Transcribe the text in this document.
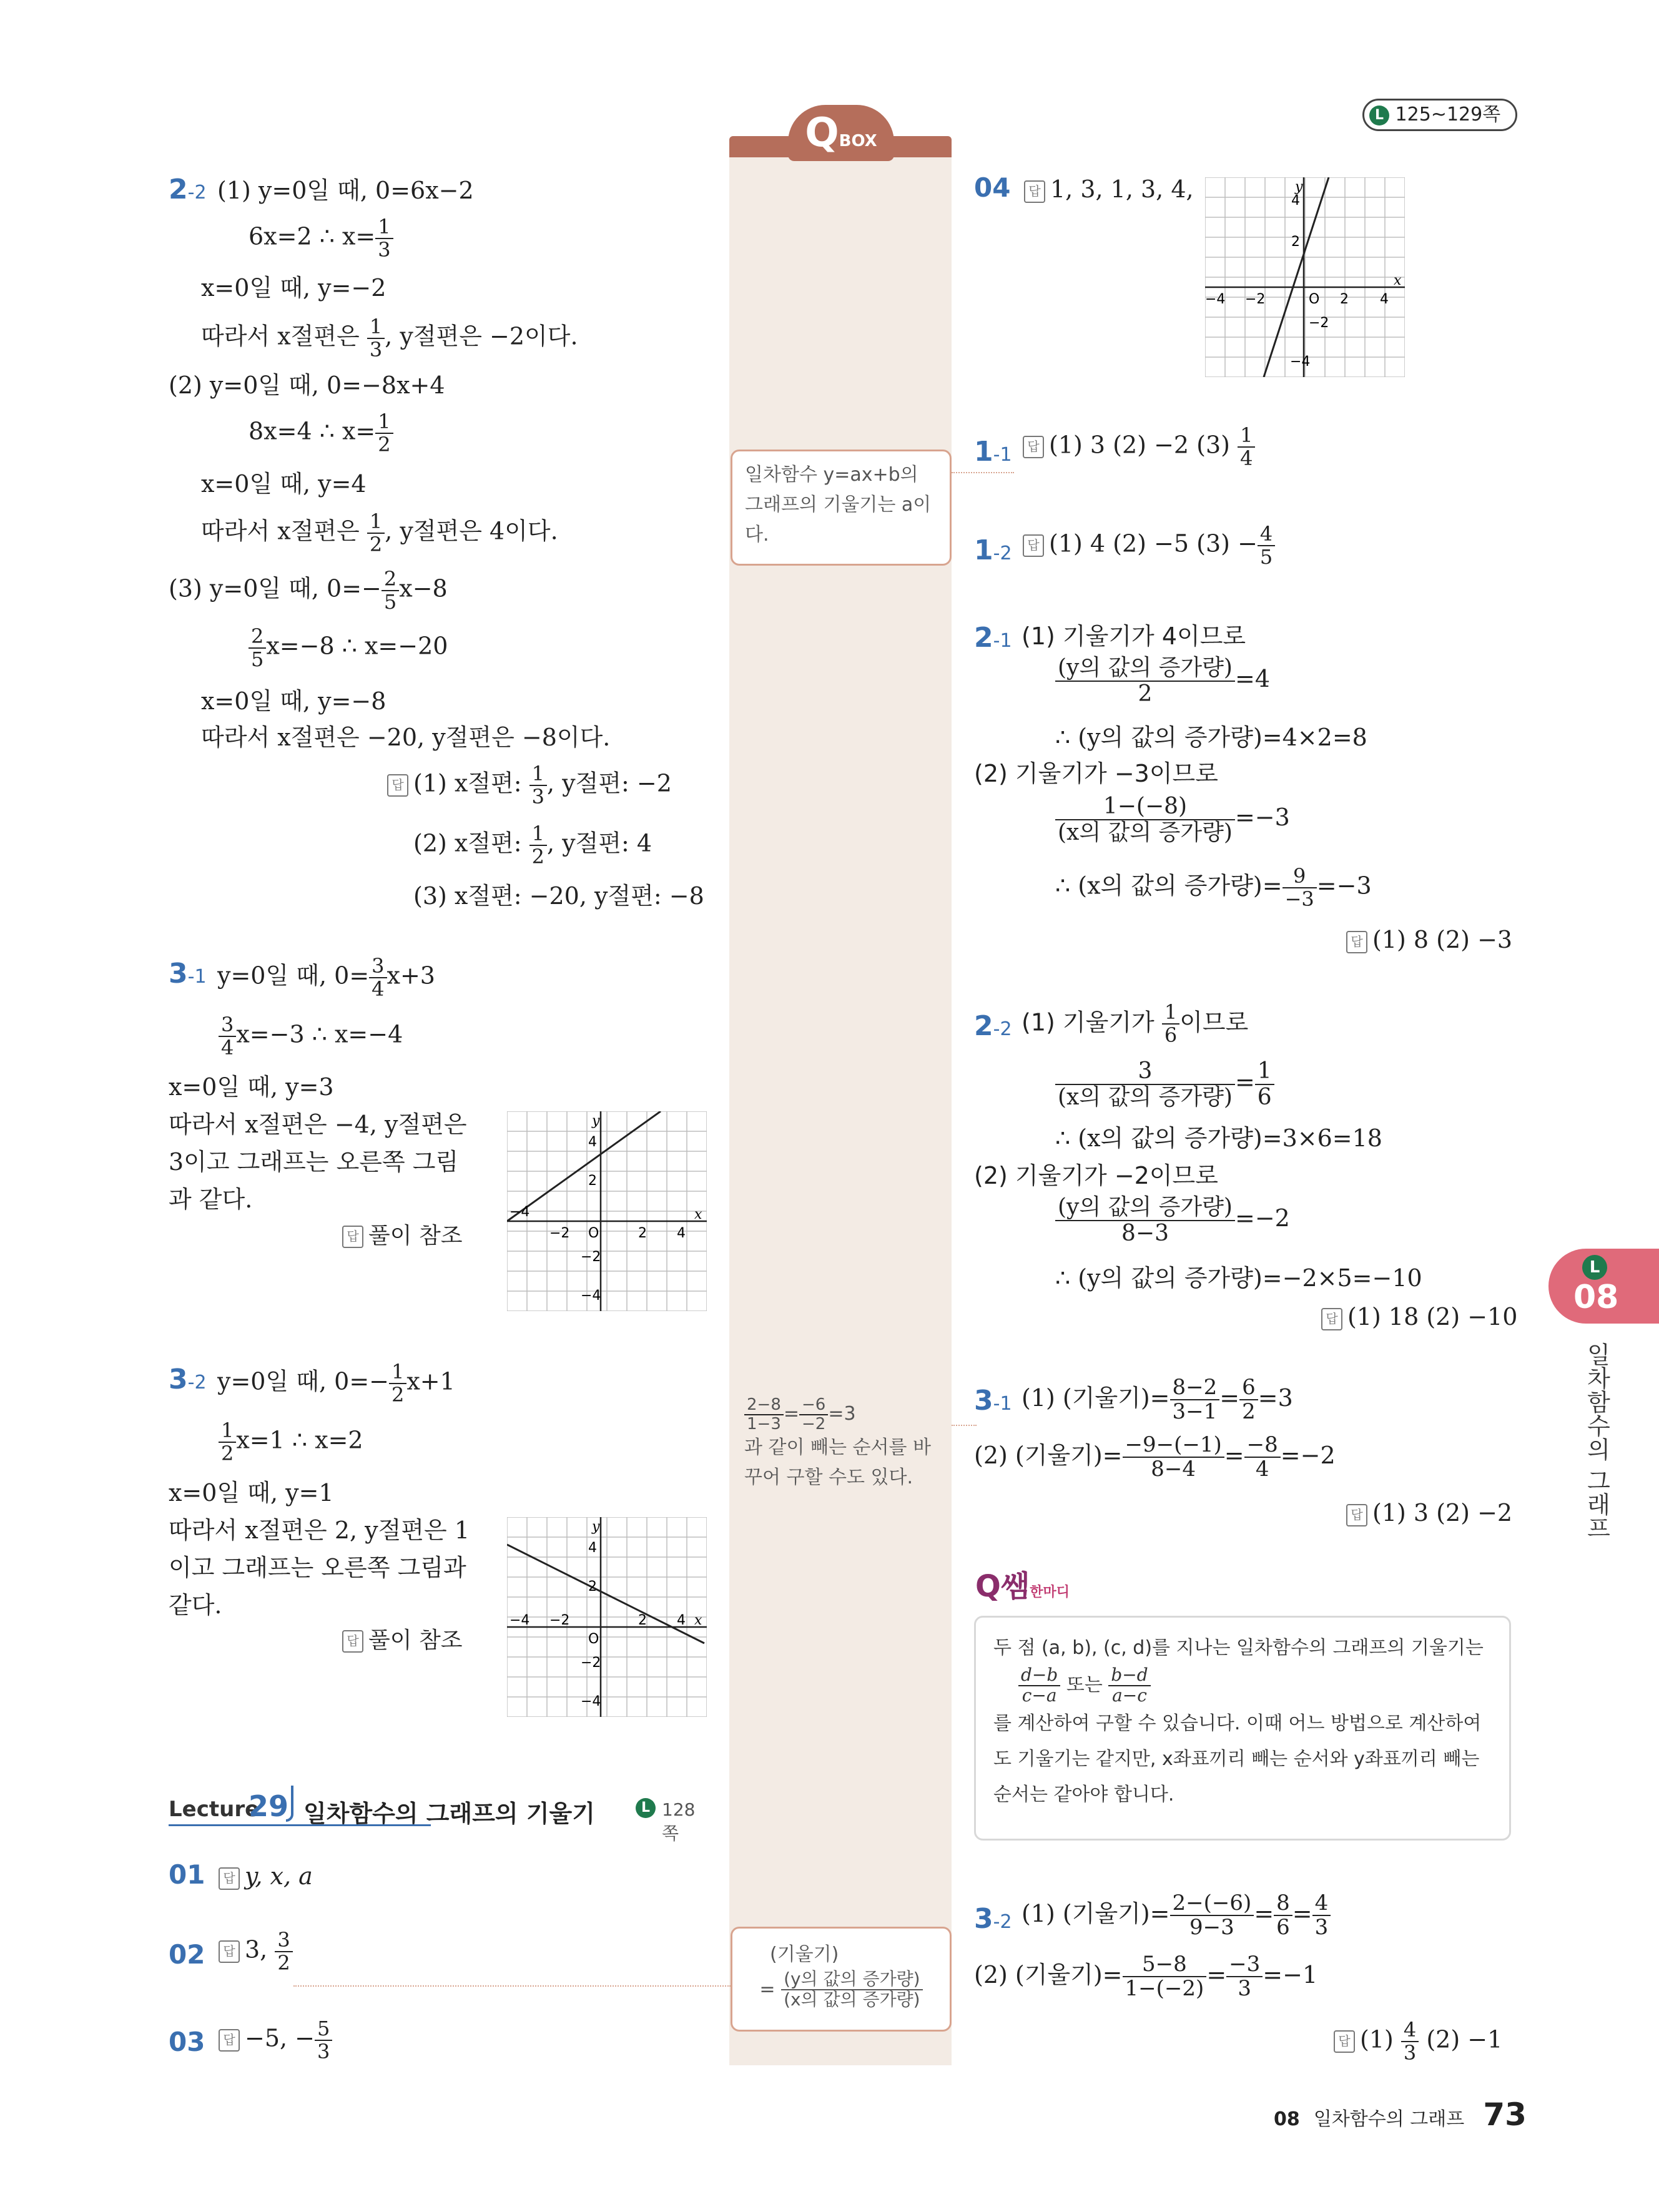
L 125~129쪽
QBOX
2-2 (1) y=0일 때, 0=6x−2
6x=2 ∴ $x= \frac{1}{3}$
x=0일 때, y=−2
따라서 x절편은 $\frac{1}{3}$ , y절편은 −2이다.
(2) y=0일 때, 0=−8x+4
8x=4 ∴ $x= \frac{1}{2}$
x=0일 때, y=4
따라서 x절편은 $\frac{1}{2}$ , y절편은 4이다.
(3) y=0일 때, $0=- \frac{2}{5} x-8$
$\frac{2}{5} x=-8$ ∴ x=−20
x=0일 때, y=−8
따라서 x절편은 −20, y절편은 −8이다.
답 (1) x절편: $\frac{1}{3}$ , y절편: −2
(2) x절편: $\frac{1}{2}$ , y절편: 4
(3) x절편: −20, y절편: −8
3-1 y=0일 때, $0= \frac{3}{4} x+3$
$\frac{3}{4} x=-3$ ∴ x=−4
x=0일 때, y=3
따라서 x절편은 −4, y절편은
3이고 그래프는 오른쪽 그림
과 같다.
답 풀이 참조
y
x
4
2
O
−2
−4
2 4
−2
−4
3-2 y=0일 때, $0=- \frac{1}{2} x+1$
$\frac{1}{2} x=1$ ∴ x=2
x=0일 때, y=1
따라서 x절편은 2, y절편은 1
이고 그래프는 오른쪽 그림과
같다.
답 풀이 참조
y
x
4
2
O
−4 −2	2 4
−2
−4
Lecture
29 일차함수의 그래프의 기울기	L 128쪽
01	답 y, x, a
02	답 3, $\frac{3}{2}$
03	답 −5, − $\frac{5}{3}$
일차함수 y=ax+b의 그래프의 기울기는 a이다.
$\frac{2-8}{1-3} = \frac{-6}{-2} =3$
과 같이 빼는 순서를 바꾸어 구할 수도 있다.
(기울기)
= $\frac{\text{(y의 값의 증가량)}}{\text{(x의 값의 증가량)}}$
04	답 1, 3, 1, 3, 4,	y
x
4
2
O
−4 −2	2 4
−2
−4
1-1	답 (1) 3 (2) −2 $(3) \frac{1}{4}$
1-2	답 (1) 4 (2) −5 $(3) - \frac{4}{5}$
2-1 (1) 기울기가 4이므로
$\frac{\text{(y의 값의 증가량)}}{2} =4$
∴ (y의 값의 증가량)=4×2=8
(2) 기울기가 −3이므로
$\frac{1-(-8)}{\text{(x의 값의 증가량)}} =-3$
∴ (x의 값의 증가량)= $\frac{9}{-3} =-3$
답 (1) 8 (2) −3
2-2 (1) 기울기가 $\frac{1}{6}$ 이므로
$\frac{3}{\text{(x의 값의 증가량)}} = \frac{1}{6}$
∴ (x의 값의 증가량)=3×6=18
(2) 기울기가 −2이므로
$\frac{\text{(y의 값의 증가량)}}{8-3} =-2$
∴ (y의 값의 증가량)=−2×5=−10
답 (1) 18 (2) −10
3-1 (1) (기울기)= $\frac{8-2}{3-1} = \frac{6}{2} =3$
(2) (기울기)= $\frac{-9-(-1)}{8-4} = \frac{-8}{4} =-2$
답 (1) 3 (2) −2
Q쌤한마디
두 점 (a, b), (c, d)를 지나는 일차함수의 그래프의 기울기는
$\frac{d-b}{c-a}$ 또는 $\frac{b-d}{a-c}$
를 계산하여 구할 수 있습니다. 이때 어느 방법으로 계산하여
도 기울기는 같지만, x좌표끼리 빼는 순서와 y좌표끼리 빼는
순서는 같아야 합니다.
3-2 (1) (기울기)= $\frac{2-(-6)}{9-3} = \frac{8}{6} = \frac{4}{3}$
(2) (기울기)= $\frac{5-8}{1-(-2)} = \frac{-3}{3} =-1$
답 $(1) \frac{4}{3} (2) -1$
L
08
일차함수의 그래프
08 일차함수의 그래프 73
